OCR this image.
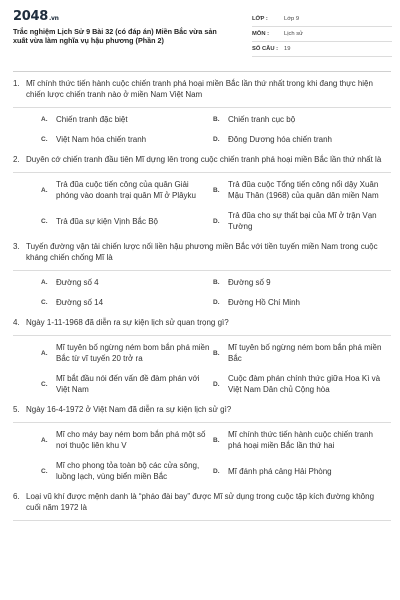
2048.vn
Trắc nghiệm Lịch Sử 9 Bài 32 (có đáp án) Miền Bắc vừa sản xuất vừa làm nghĩa vụ hậu phương (Phần 2)
LỚP :	Lớp 9
MÔN :	Lịch sử
SỐ CÂU : 19
1. Mĩ chính thức tiến hành cuộc chiến tranh phá hoại miền Bắc lần thứ nhất trong khi đang thực hiện chiến lược chiến tranh nào ở miền Nam Việt Nam
A.	Chiến tranh đặc biệt	B.	Chiến tranh cục bộ
C.	Việt Nam hóa chiến tranh	D.	Đông Dương hóa chiến tranh
2. Duyên cớ chiến tranh đầu tiên Mĩ dựng lên trong cuộc chiến tranh phá hoại miền Bắc lần thứ nhất là
A.
Trả đũa cuộc tiến công của quân Giải phóng vào doanh trại quân Mĩ ở Plâyku
B.
Trả đũa cuộc Tổng tiến công nổi dậy Xuân Mậu Thân (1968) của quân dân miền Nam
C.	Trả đũa sự kiện Vịnh Bắc Bộ	D.
Trả đũa cho sự thất bại của Mĩ ở trận Vạn Tường
3. Tuyến đường vận tải chiến lược nối liền hậu phương miền Bắc với tiền tuyến miền Nam trong cuộc kháng chiến chống Mĩ là
A.	Đường số 4	B.	Đường số 9
C.	Đường số 14	D.	Đường Hồ Chí Minh
4. Ngày 1-11-1968 đã diễn ra sự kiện lịch sử quan trọng gì?
A.
Mĩ tuyên bố ngừng ném bom bắn phá miền Bắc từ vĩ tuyến 20 trở ra
B.
Mĩ tuyên bố ngừng ném bom bắn phá miền Bắc
C.
Mĩ bắt đầu nói đến vấn đề đàm phán với Việt Nam
D.
Cuộc đàm phán chính thức giữa Hoa Kì và Việt Nam Dân chủ Cộng hòa
5. Ngày 16-4-1972 ở Việt Nam đã diễn ra sự kiện lịch sử gì?
A.
Mĩ cho máy bay ném bom bắn phá một số nơi thuộc liên khu V
B.
Mĩ chính thức tiến hành cuộc chiến tranh phá hoại miền Bắc lần thứ hai
C.
Mĩ cho phong tỏa toàn bộ các cửa sông, luồng lạch, vùng biển miền Bắc
D.	Mĩ đánh phá cảng Hải Phòng
6. Loại vũ khí được mệnh danh là “pháo đài bay” được Mĩ sử dụng trong cuộc tập kích đường không cuối năm 1972 là
